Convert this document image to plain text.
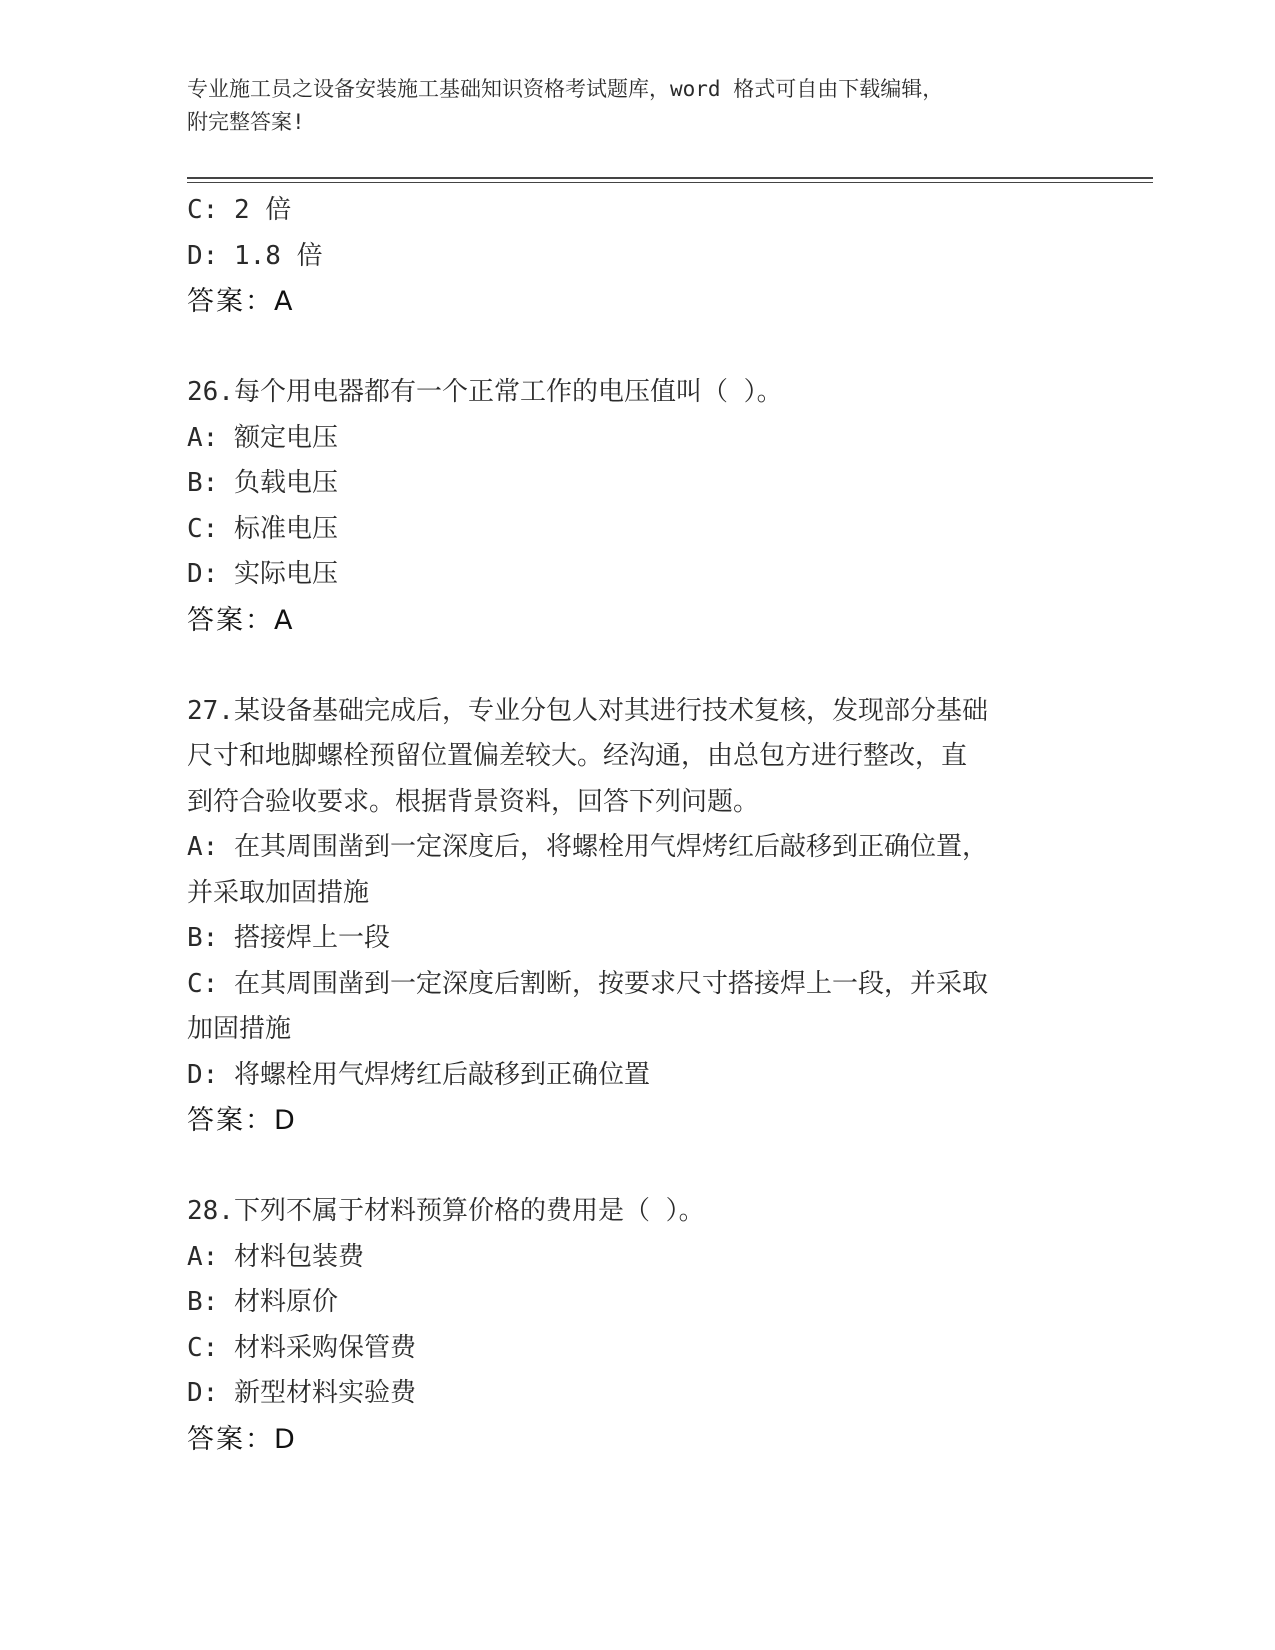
专业施工员之设备安装施工基础知识资格考试题库，word 格式可自由下载编辑，
附完整答案!
C: 2 倍
D: 1.8 倍
答案：A
26.每个用电器都有一个正常工作的电压值叫（ ）。
A: 额定电压
B: 负载电压
C: 标准电压
D: 实际电压
答案：A
27.某设备基础完成后，专业分包人对其进行技术复核，发现部分基础
尺寸和地脚螺栓预留位置偏差较大。经沟通，由总包方进行整改，直
到符合验收要求。根据背景资料，回答下列问题。
A: 在其周围凿到一定深度后，将螺栓用气焊烤红后敲移到正确位置，
并采取加固措施
B: 搭接焊上一段
C: 在其周围凿到一定深度后割断，按要求尺寸搭接焊上一段，并采取
加固措施
D: 将螺栓用气焊烤红后敲移到正确位置
答案：D
28.下列不属于材料预算价格的费用是（ ）。
A: 材料包装费
B: 材料原价
C: 材料采购保管费
D: 新型材料实验费
答案：D
